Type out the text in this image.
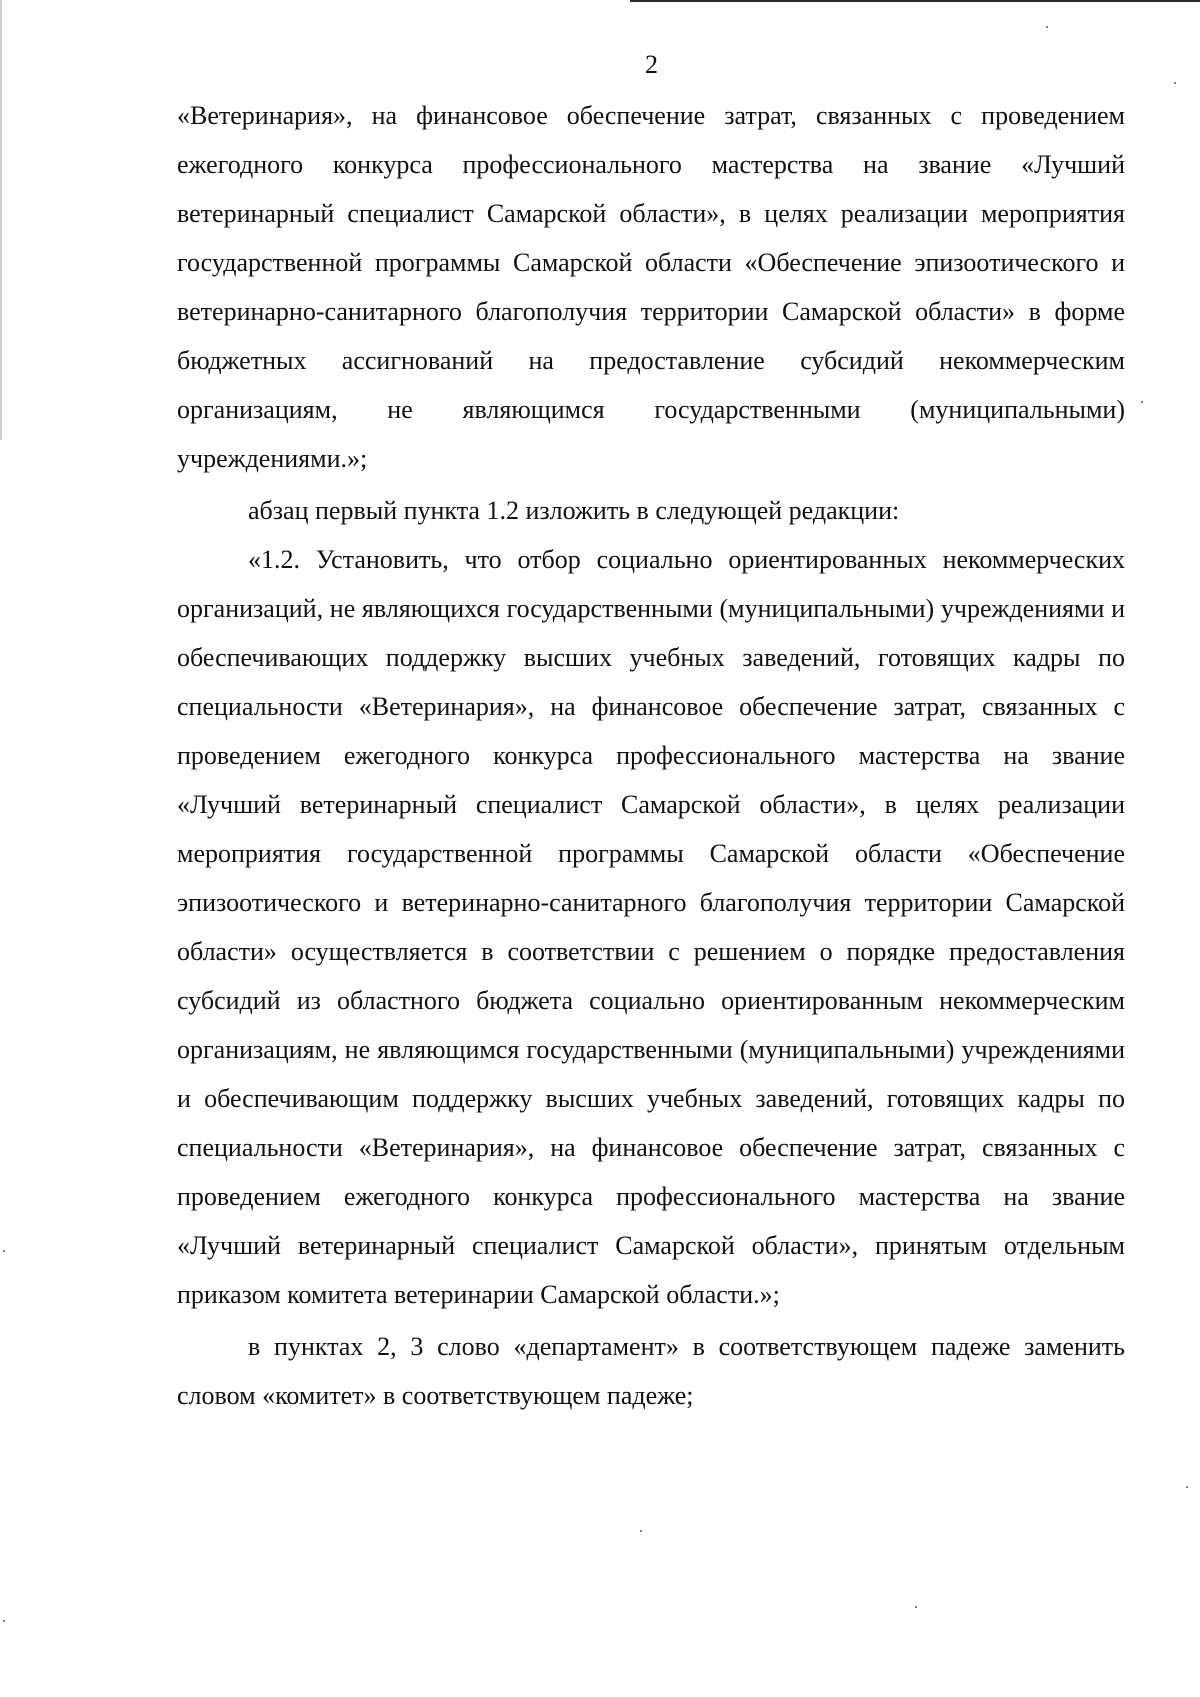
2

«Ветеринария», на финансовое обеспечение затрат, связанных с проведением ежегодного конкурса профессионального мастерства на звание «Лучший ветеринарный специалист Самарской области», в целях реализации мероприятия государственной программы Самарской области «Обеспечение эпизоотического и ветеринарно-санитарного благополучия территории Самарской области» в форме бюджетных ассигнований на предоставление субсидий некоммерческим организациям, не являющимся государственными (муниципальными) учреждениями.»;

абзац первый пункта 1.2 изложить в следующей редакции:

«1.2. Установить, что отбор социально ориентированных некоммерческих организаций, не являющихся государственными (муниципальными) учреждениями и обеспечивающих поддержку высших учебных заведений, готовящих кадры по специальности «Ветеринария», на финансовое обеспечение затрат, связанных с проведением ежегодного конкурса профессионального мастерства на звание «Лучший ветеринарный специалист Самарской области», в целях реализации мероприятия государственной программы Самарской области «Обеспечение эпизоотического и ветеринарно-санитарного благополучия территории Самарской области» осуществляется в соответствии с решением о порядке предоставления субсидий из областного бюджета социально ориентированным некоммерческим организациям, не являющимся государственными (муниципальными) учреждениями и обеспечивающим поддержку высших учебных заведений, готовящих кадры по специальности «Ветеринария», на финансовое обеспечение затрат, связанных с проведением ежегодного конкурса профессионального мастерства на звание «Лучший ветеринарный специалист Самарской области», принятым отдельным приказом комитета ветеринарии Самарской области.»;

в пунктах 2, 3 слово «департамент» в соответствующем падеже заменить словом «комитет» в соответствующем падеже;
